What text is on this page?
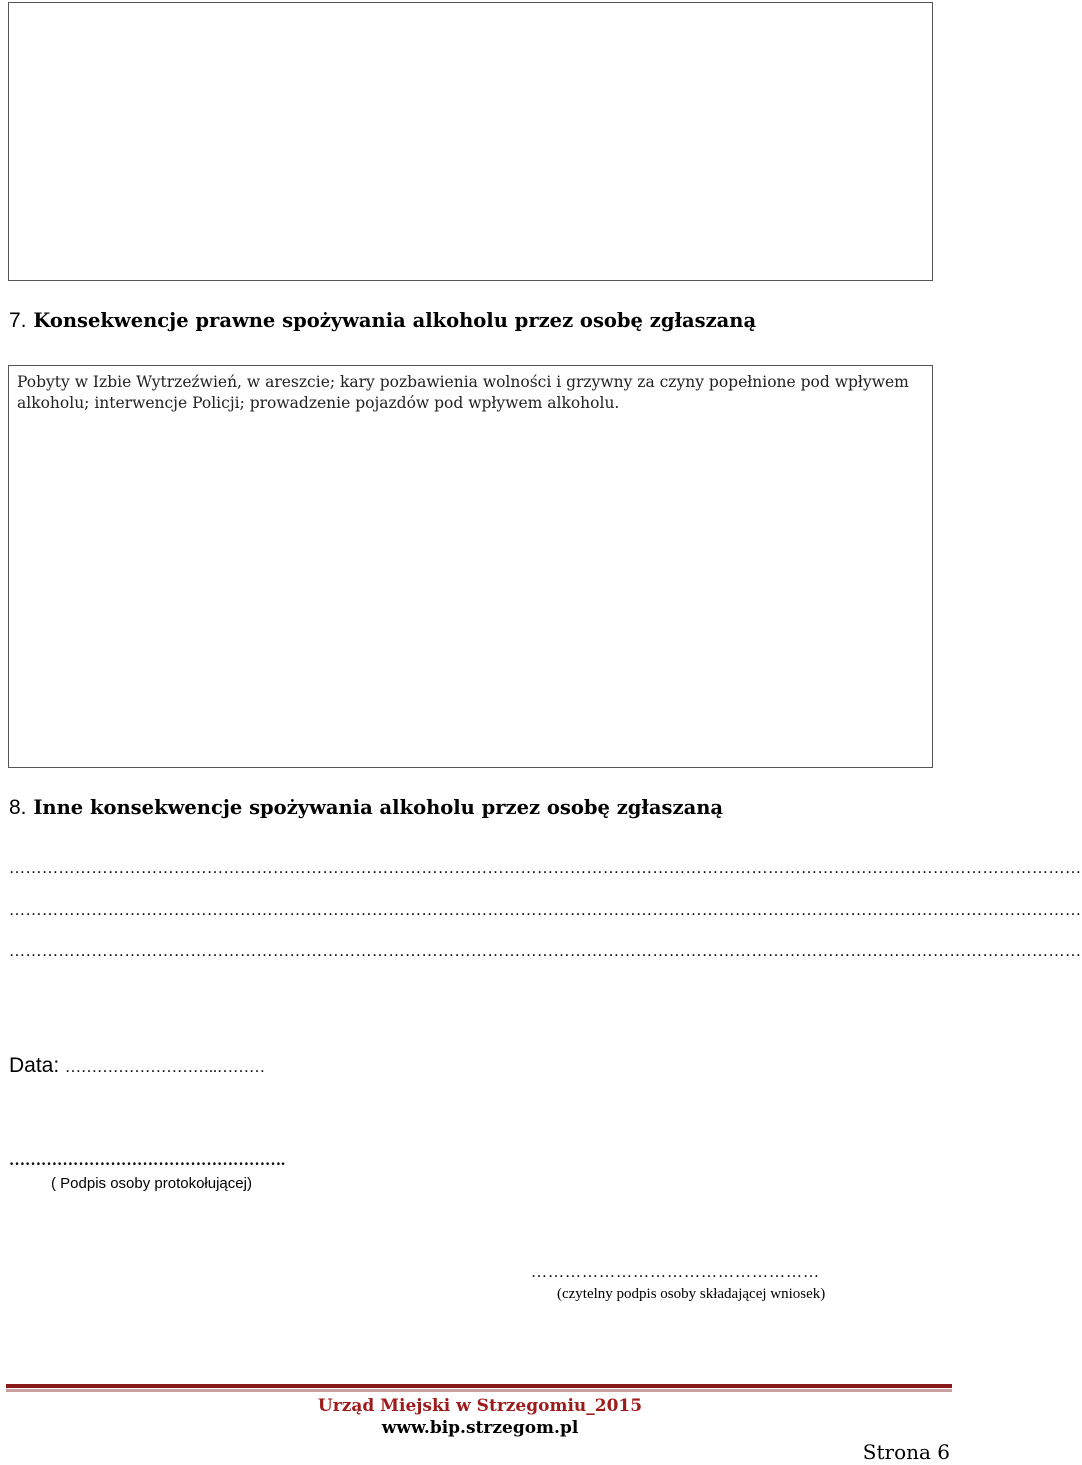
7. Konsekwencje prawne spożywania alkoholu przez osobę zgłaszaną
Pobyty w Izbie Wytrzeźwień, w areszcie; kary pozbawienia wolności i grzywny za czyny popełnione pod wpływem alkoholu; interwencje Policji; prowadzenie pojazdów pod wpływem alkoholu.
8. Inne konsekwencje spożywania alkoholu przez osobę zgłaszaną
……………………………………………………………………………………………………………………………………………………………………………
……………………………………………………………………………………………………………………………………………………………………………
……………………………………………………………………………………………………………………………………………………………………………
Data: ………………………..………
…………………………………………….
( Podpis osoby protokołującej)
……………………………………………
(czytelny podpis osoby składającej wniosek)
Urząd Miejski w Strzegomiu_2015
www.bip.strzegom.pl
Strona 6
